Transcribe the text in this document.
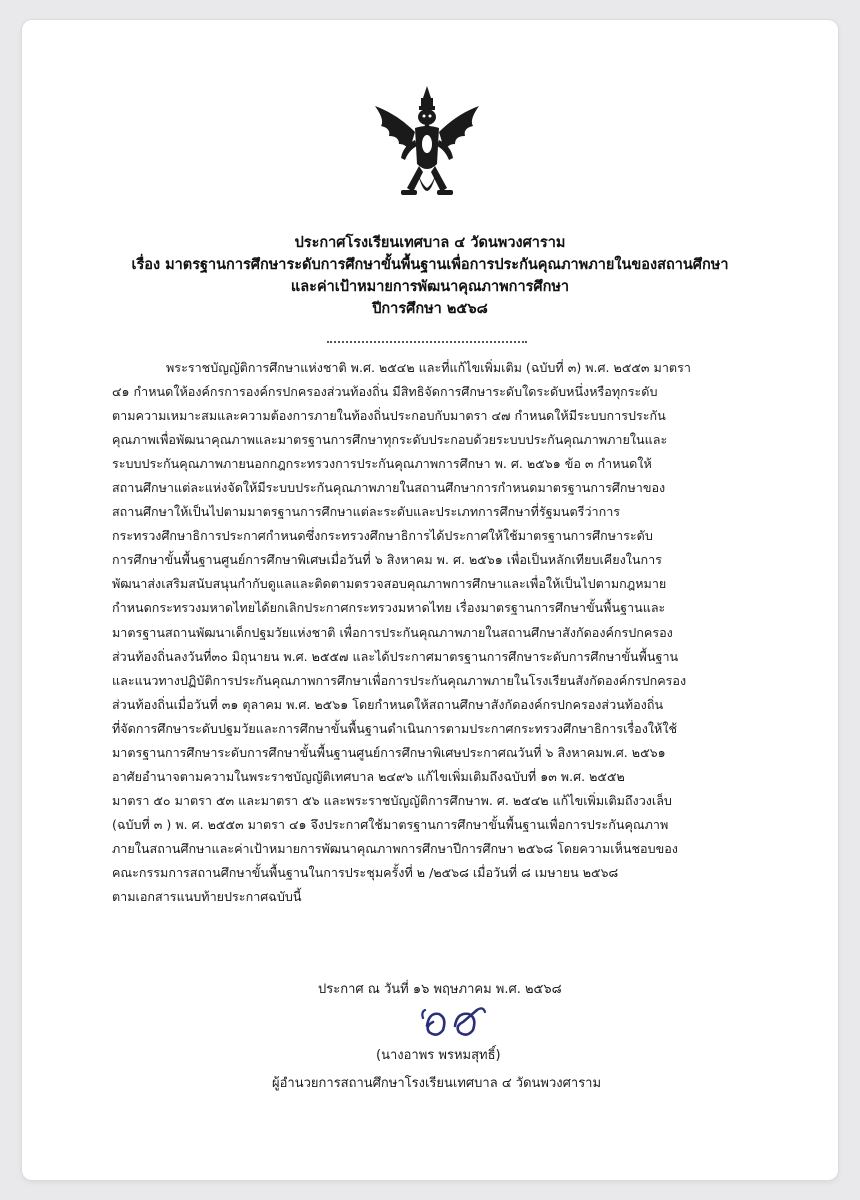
ประกาศโรงเรียนเทศบาล ๔ วัดนพวงศาราม
เรื่อง มาตรฐานการศึกษาระดับการศึกษาขั้นพื้นฐานเพื่อการประกันคุณภาพภายในของสถานศึกษา
และค่าเป้าหมายการพัฒนาคุณภาพการศึกษา
ปีการศึกษา ๒๕๖๘
พระราชบัญญัติการศึกษาแห่งชาติ พ.ศ. ๒๕๔๒ และที่แก้ไขเพิ่มเติม (ฉบับที่ ๓) พ.ศ. ๒๕๕๓ มาตรา
๔๑ กำหนดให้องค์กรการองค์กรปกครองส่วนท้องถิ่น มีสิทธิจัดการศึกษาระดับใดระดับหนึ่งหรือทุกระดับ
ตามความเหมาะสมและความต้องการภายในท้องถิ่นประกอบกับมาตรา ๔๗ กำหนดให้มีระบบการประกัน
คุณภาพเพื่อพัฒนาคุณภาพและมาตรฐานการศึกษาทุกระดับประกอบด้วยระบบประกันคุณภาพภายในและ
ระบบประกันคุณภาพภายนอกกฎกระทรวงการประกันคุณภาพการศึกษา พ. ศ. ๒๕๖๑ ข้อ ๓ กำหนดให้
สถานศึกษาแต่ละแห่งจัดให้มีระบบประกันคุณภาพภายในสถานศึกษาการกำหนดมาตรฐานการศึกษาของ
สถานศึกษาให้เป็นไปตามมาตรฐานการศึกษาแต่ละระดับและประเภทการศึกษาที่รัฐมนตรีว่าการ
กระทรวงศึกษาธิการประกาศกำหนดซึ่งกระทรวงศึกษาธิการได้ประกาศให้ใช้มาตรฐานการศึกษาระดับ
การศึกษาขั้นพื้นฐานศูนย์การศึกษาพิเศษเมื่อวันที่ ๖ สิงหาคม พ. ศ. ๒๕๖๑ เพื่อเป็นหลักเทียบเคียงในการ
พัฒนาส่งเสริมสนับสนุนกำกับดูแลและติดตามตรวจสอบคุณภาพการศึกษาและเพื่อให้เป็นไปตามกฎหมาย
กำหนดกระทรวงมหาดไทยได้ยกเลิกประกาศกระทรวงมหาดไทย เรื่องมาตรฐานการศึกษาขั้นพื้นฐานและ
มาตรฐานสถานพัฒนาเด็กปฐมวัยแห่งชาติ เพื่อการประกันคุณภาพภายในสถานศึกษาสังกัดองค์กรปกครอง
ส่วนท้องถิ่นลงวันที่๓๐ มิถุนายน พ.ศ. ๒๕๕๗ และได้ประกาศมาตรฐานการศึกษาระดับการศึกษาขั้นพื้นฐาน
และแนวทางปฏิบัติการประกันคุณภาพการศึกษาเพื่อการประกันคุณภาพภายในโรงเรียนสังกัดองค์กรปกครอง
ส่วนท้องถิ่นเมื่อวันที่ ๓๑ ตุลาคม พ.ศ. ๒๕๖๑ โดยกำหนดให้สถานศึกษาสังกัดองค์กรปกครองส่วนท้องถิ่น
ที่จัดการศึกษาระดับปฐมวัยและการศึกษาขั้นพื้นฐานดำเนินการตามประกาศกระทรวงศึกษาธิการเรื่องให้ใช้
มาตรฐานการศึกษาระดับการศึกษาขั้นพื้นฐานศูนย์การศึกษาพิเศษประกาศณวันที่ ๖ สิงหาคมพ.ศ. ๒๕๖๑
อาศัยอำนาจตามความในพระราชบัญญัติเทศบาล ๒๔๙๖ แก้ไขเพิ่มเติมถึงฉบับที่ ๑๓ พ.ศ. ๒๕๕๒
มาตรา ๕๐ มาตรา ๕๓ และมาตรา ๕๖ และพระราชบัญญัติการศึกษาพ. ศ. ๒๕๔๒ แก้ไขเพิ่มเติมถึงวงเล็บ
(ฉบับที่ ๓ ) พ. ศ. ๒๕๕๓ มาตรา ๔๑ จึงประกาศใช้มาตรฐานการศึกษาขั้นพื้นฐานเพื่อการประกันคุณภาพ
ภายในสถานศึกษาและค่าเป้าหมายการพัฒนาคุณภาพการศึกษาปีการศึกษา ๒๕๖๘ โดยความเห็นชอบของ
คณะกรรมการสถานศึกษาขั้นพื้นฐานในการประชุมครั้งที่ ๒ /๒๕๖๘ เมื่อวันที่ ๘ เมษายน ๒๕๖๘
ตามเอกสารแนบท้ายประกาศฉบับนี้
ประกาศ ณ วันที่ ๑๖ พฤษภาคม พ.ศ. ๒๕๖๘
(นางอาพร พรหมสุทธิ์)
ผู้อำนวยการสถานศึกษาโรงเรียนเทศบาล ๔ วัดนพวงศาราม
